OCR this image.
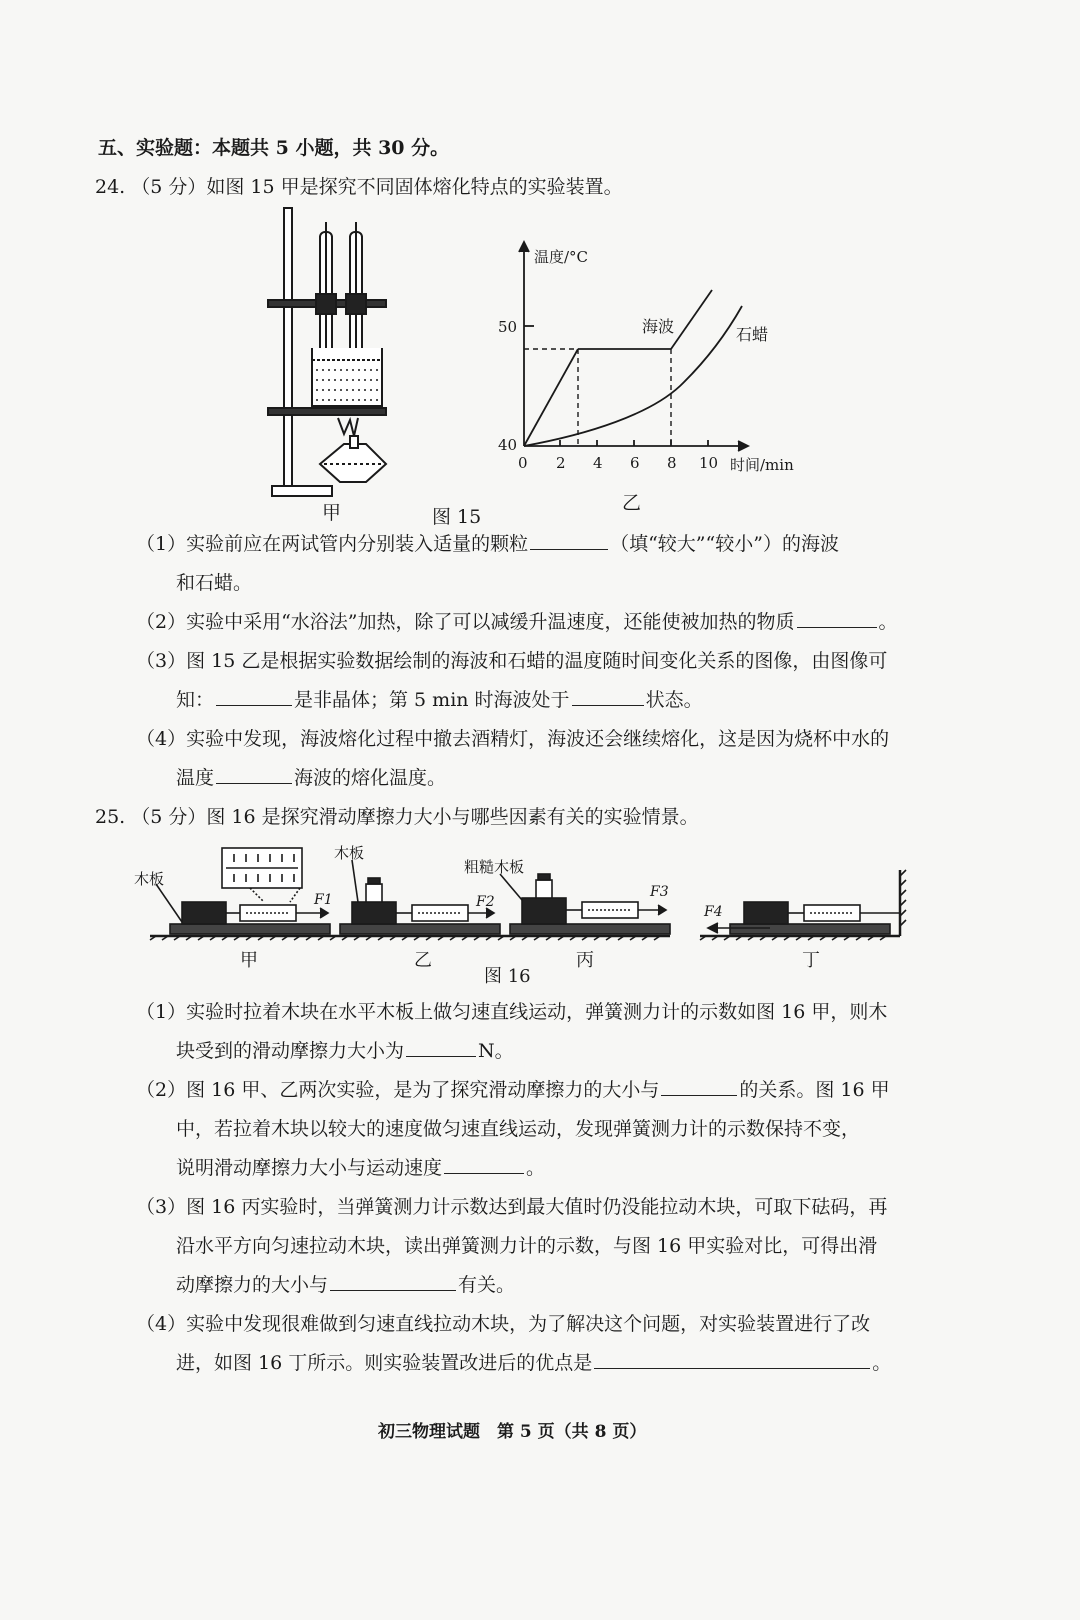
五、实验题：本题共 5 小题，共 30 分。
24. （5 分）如图 15 甲是探究不同固体熔化特点的实验装置。
甲	图 15
乙
温度/°C
50
40
0 2 4 6 8 10 时间/min
海波	石蜡
（1）实验前应在两试管内分别装入适量的颗粒	（填“较大”“较小”）的海波
和石蜡。
（2）实验中采用“水浴法”加热，除了可以减缓升温速度，还能使被加热的物质	。
（3）图 15 乙是根据实验数据绘制的海波和石蜡的温度随时间变化关系的图像，由图像可
知：	是非晶体；第 5 min 时海波处于	状态。
（4）实验中发现，海波熔化过程中撤去酒精灯，海波还会继续熔化，这是因为烧杯中水的
温度	海波的熔化温度。
25. （5 分）图 16 是探究滑动摩擦力大小与哪些因素有关的实验情景。
木板
木板
粗糙木板
F1	F2
F3
F4
甲	乙	丙	丁
图 16
（1）实验时拉着木块在水平木板上做匀速直线运动，弹簧测力计的示数如图 16 甲，则木
块受到的滑动摩擦力大小为	N。
（2）图 16 甲、乙两次实验，是为了探究滑动摩擦力的大小与	的关系。图 16 甲
中，若拉着木块以较大的速度做匀速直线运动，发现弹簧测力计的示数保持不变，
说明滑动摩擦力大小与运动速度	。
（3）图 16 丙实验时，当弹簧测力计示数达到最大值时仍没能拉动木块，可取下砝码，再
沿水平方向匀速拉动木块，读出弹簧测力计的示数，与图 16 甲实验对比，可得出滑
动摩擦力的大小与	有关。
（4）实验中发现很难做到匀速直线拉动木块，为了解决这个问题，对实验装置进行了改
进，如图 16 丁所示。则实验装置改进后的优点是	。
初三物理试题　第 5 页（共 8 页）
